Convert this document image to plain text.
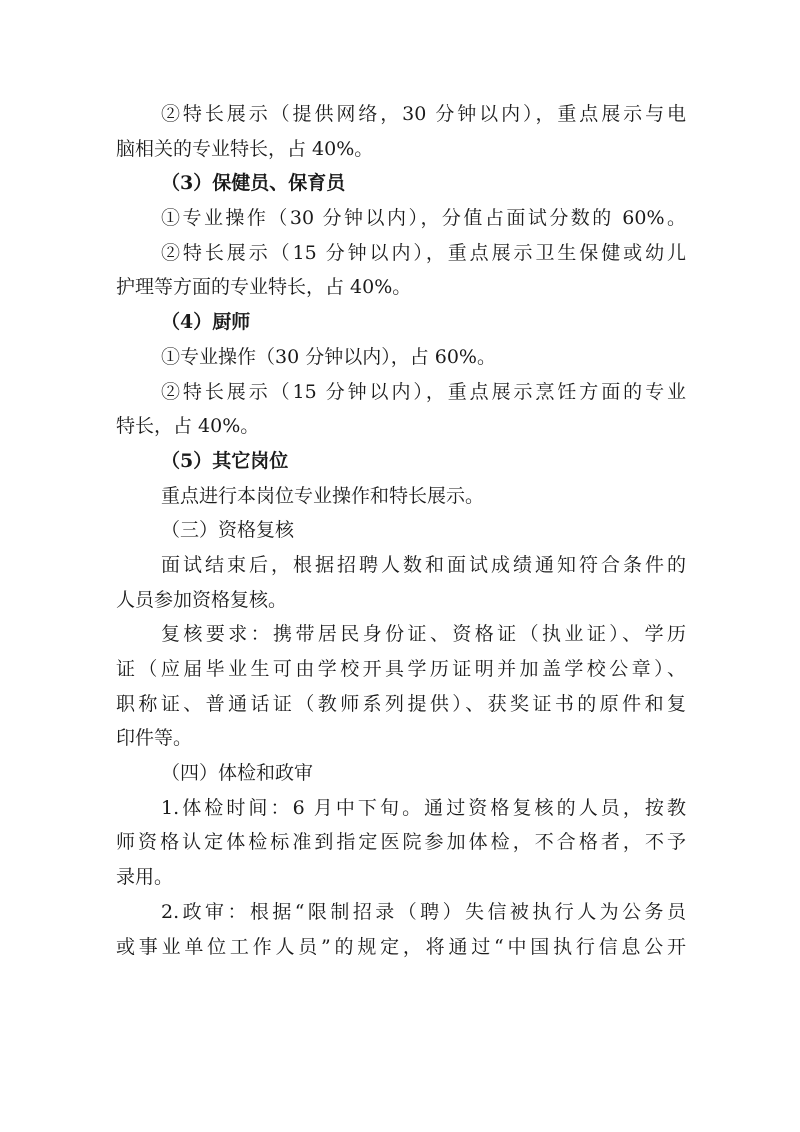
②特长展示（提供网络，30 分钟以内），重点展示与电
脑相关的专业特长，占 40%。
（3）保健员、保育员
①专业操作（30 分钟以内），分值占面试分数的 60%。
②特长展示（15 分钟以内），重点展示卫生保健或幼儿
护理等方面的专业特长，占 40%。
（4）厨师
①专业操作（30 分钟以内），占 60%。
②特长展示（15 分钟以内），重点展示烹饪方面的专业
特长，占 40%。
（5）其它岗位
重点进行本岗位专业操作和特长展示。
（三）资格复核
面试结束后，根据招聘人数和面试成绩通知符合条件的
人员参加资格复核。
复核要求：携带居民身份证、资格证（执业证）、学历
证（应届毕业生可由学校开具学历证明并加盖学校公章）、
职称证、普通话证（教师系列提供）、获奖证书的原件和复
印件等。
（四）体检和政审
1.体检时间：6 月中下旬。通过资格复核的人员，按教
师资格认定体检标准到指定医院参加体检，不合格者，不予
录用。
2.政审：根据“限制招录（聘）失信被执行人为公务员
或事业单位工作人员”的规定，将通过“中国执行信息公开
